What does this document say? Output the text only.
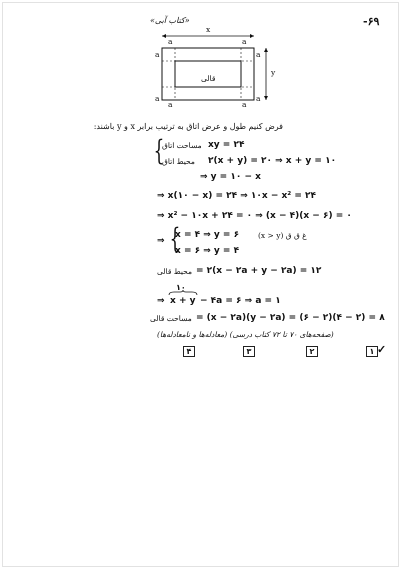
-۶۹
«کتاب آبی»
x
y
a	a
a	a
a	a
a	a
قالی
فرض کنیم طول و عرض اتاق به ترتیب برابر x و y باشند:
{
مساحت اتاق xy = ۲۴
محیط اتاق ۲(x + y) = ۲۰ ⇒ x + y = ۱۰
⇒ y = ۱۰ − x
⇒ x(۱۰ − x) = ۲۴ ⇒ ۱۰x − x² = ۲۴
⇒ x² − ۱۰x + ۲۴ = ۰ ⇒ (x − ۴)(x − ۶) = ۰
⇒ {
x = ۴ ⇒ y = ۶	(x > y) غ ق ق
x = ۶ ⇒ y = ۴
محیط قالی = ۲(x − ۲a + y − ۲a) = ۱۲
۱۰
⇒ x + y − ۴a = ۶ ⇒ a = ۱
مساحت قالی = (x − ۲a)(y − ۲a) = (۶ − ۲)(۴ − ۲) = ۸
(صفحه‌های ۷۰ تا ۷۲ کتاب درسی) (معادله‌ها و نامعادله‌ها)
۴	۳	۲	۱ ✓
